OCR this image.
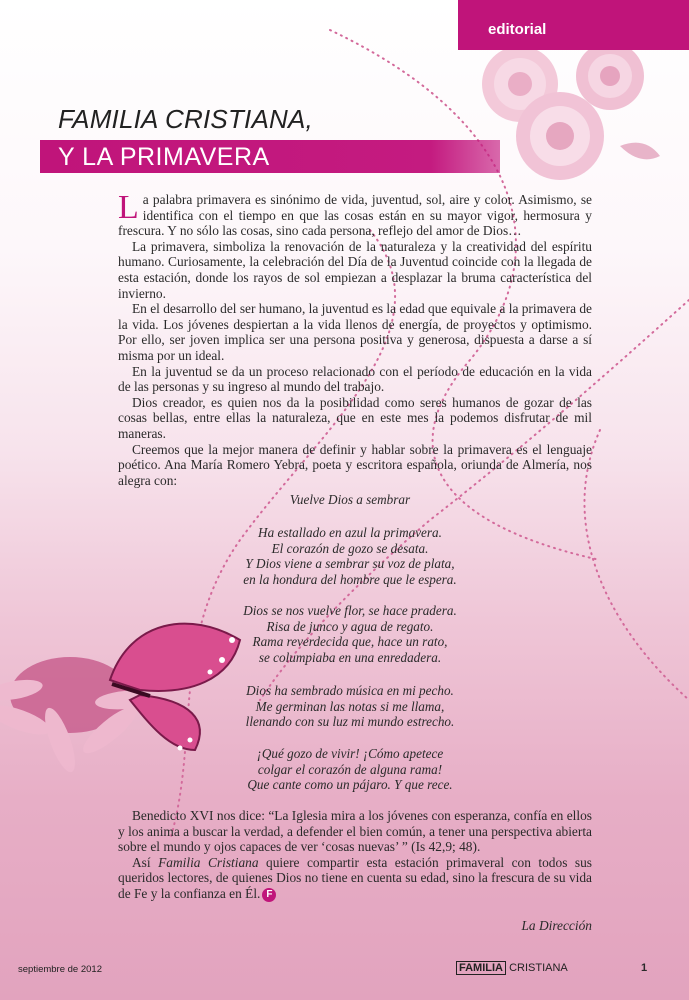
editorial
FAMILIA CRISTIANA,
Y LA PRIMAVERA

La palabra primavera es sinónimo de vida, juventud, sol, aire y color. Asimismo, se identifica con el tiempo en que las cosas están en su mayor vigor, hermosura y frescura. Y no sólo las cosas, sino cada persona, reflejo del amor de Dios…

La primavera, simboliza la renovación de la naturaleza y la creatividad del espíritu humano. Curiosamente, la celebración del Día de la Juventud coincide con la llegada de esta estación, donde los rayos de sol empiezan a desplazar la bruma característica del invierno.

En el desarrollo del ser humano, la juventud es la edad que equivale a la primavera de la vida. Los jóvenes despiertan a la vida llenos de energía, de proyectos y optimismo. Por ello, ser joven implica ser una persona positiva y generosa, dispuesta a darse a sí misma por un ideal.

En la juventud se da un proceso relacionado con el período de educación en la vida de las personas y su ingreso al mundo del trabajo.

Dios creador, es quien nos da la posibilidad como seres humanos de gozar de las cosas bellas, entre ellas la naturaleza, que en este mes la podemos disfrutar de mil maneras.

Creemos que la mejor manera de definir y hablar sobre la primavera es el lenguaje poético. Ana María Romero Yebra, poeta y escritora española, oriunda de Almería, nos alegra con:

Vuelve Dios a sembrar
Ha estallado en azul la primavera.
El corazón de gozo se desata.
Y Dios viene a sembrar su voz de plata,
en la hondura del hombre que le espera.
Dios se nos vuelve flor, se hace pradera.
Risa de junco y agua de regato.
Rama reverdecida que, hace un rato,
se columpiaba en una enredadera.
Dios ha sembrado música en mi pecho.
Me germinan las notas si me llama,
llenando con su luz mi mundo estrecho.
¡Qué gozo de vivir! ¡Cómo apetece
colgar el corazón de alguna rama!
Que cante como un pájaro. Y que rece.

Benedicto XVI nos dice: “La Iglesia mira a los jóvenes con esperanza, confía en ellos y los anima a buscar la verdad, a defender el bien común, a tener una perspectiva abierta sobre el mundo y ojos capaces de ver ‘cosas nuevas’ ” (Is 42,9; 48).

Así Familia Cristiana quiere compartir esta estación primaveral con todos sus queridos lectores, de quienes Dios no tiene en cuenta su edad, sino la frescura de su vida de Fe y la confianza en Él. F

La Dirección
septiembre de 2012	FAMILIA CRISTIANA	1
